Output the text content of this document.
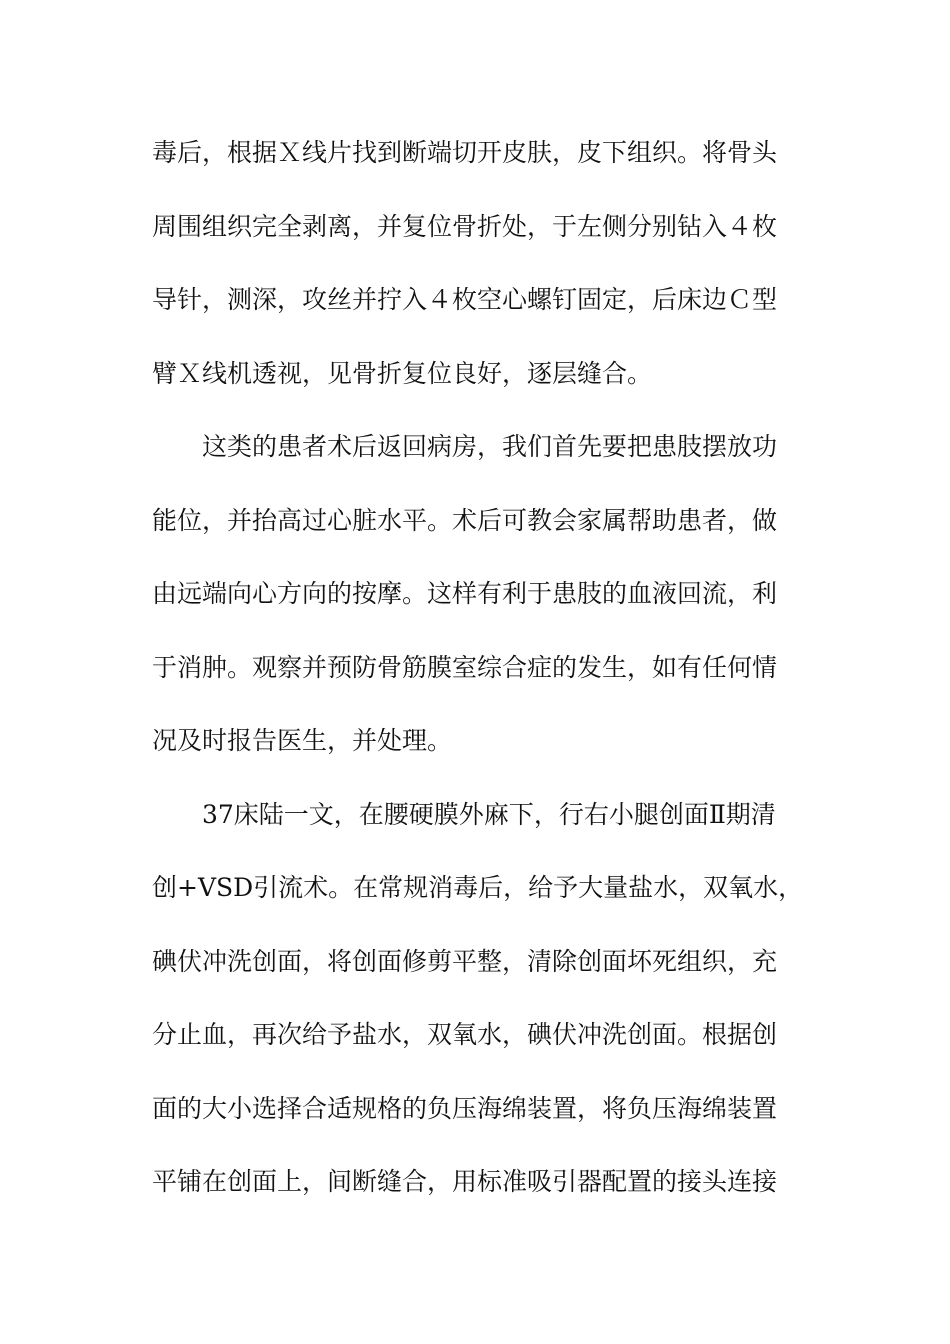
毒后，根据Ｘ线片找到断端切开皮肤，皮下组织。将骨头
周围组织完全剥离，并复位骨折处，于左侧分别钻入４枚
导针，测深，攻丝并拧入４枚空心螺钉固定，后床边Ｃ型
臂Ｘ线机透视，见骨折复位良好，逐层缝合。
这类的患者术后返回病房，我们首先要把患肢摆放功
能位，并抬高过心脏水平。术后可教会家属帮助患者，做
由远端向心方向的按摩。这样有利于患肢的血液回流，利
于消肿。观察并预防骨筋膜室综合症的发生，如有任何情
况及时报告医生，并处理。
37床陆一文，在腰硬膜外麻下，行右小腿创面Ⅱ期清
创+VSD引流术。在常规消毒后，给予大量盐水，双氧水，
碘伏冲洗创面，将创面修剪平整，清除创面坏死组织，充
分止血，再次给予盐水，双氧水，碘伏冲洗创面。根据创
面的大小选择合适规格的负压海绵装置，将负压海绵装置
平铺在创面上，间断缝合，用标准吸引器配置的接头连接
